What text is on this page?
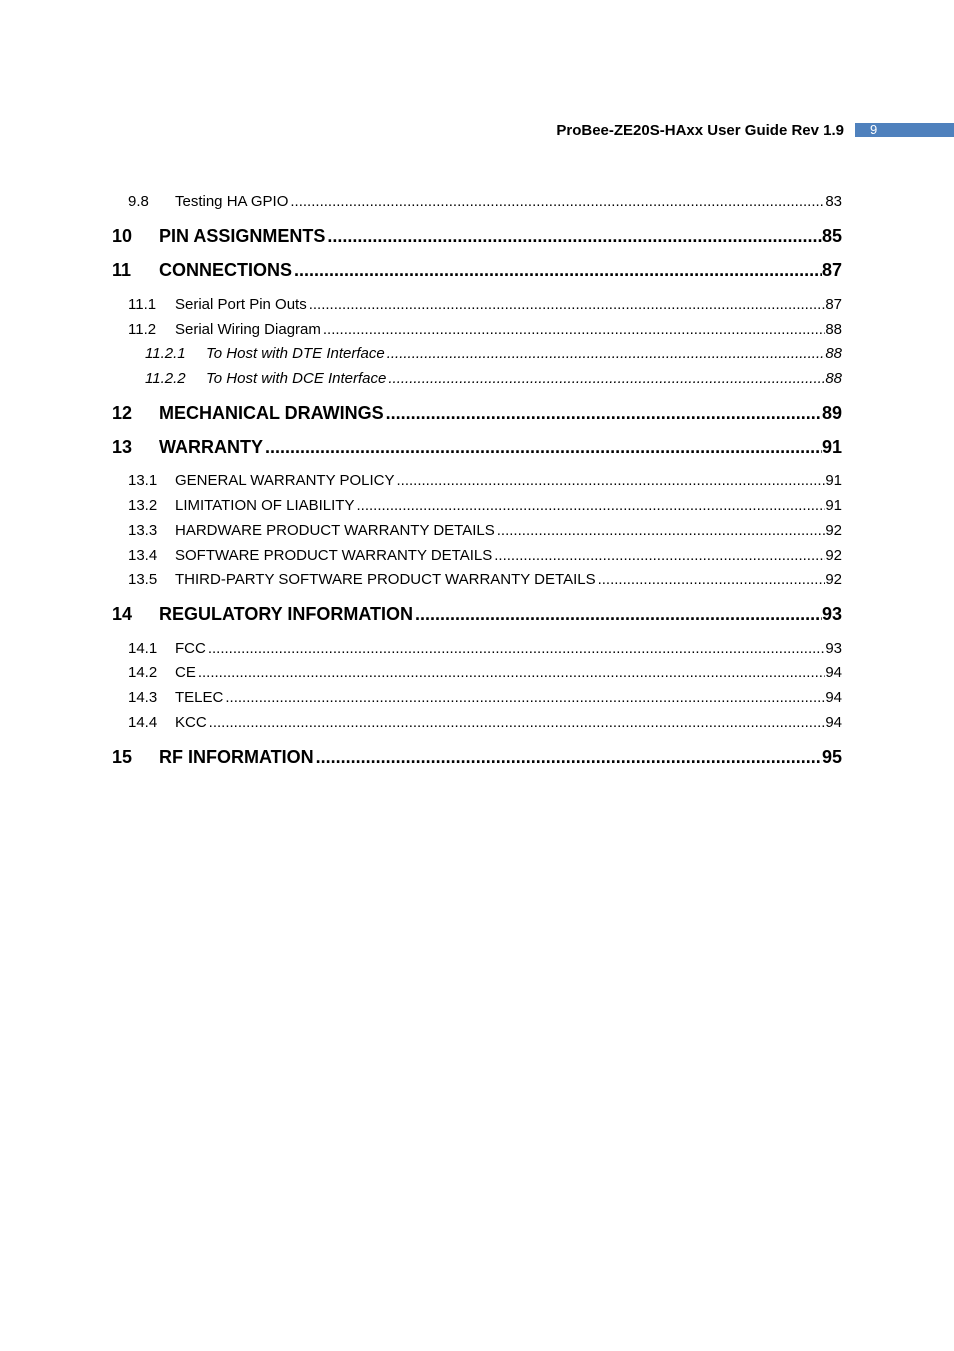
ProBee-ZE20S-HAxx User Guide Rev 1.9	9
9.8	Testing HA GPIO .....	83
10	PIN ASSIGNMENTS .....	85
11	CONNECTIONS .....	87
11.1	Serial Port Pin Outs .....	87
11.2	Serial Wiring Diagram .....	88
11.2.1	To Host with DTE Interface .....	88
11.2.2	To Host with DCE Interface .....	88
12	MECHANICAL DRAWINGS .....	89
13	WARRANTY .....	91
13.1	GENERAL WARRANTY POLICY .....	91
13.2	LIMITATION OF LIABILITY .....	91
13.3	HARDWARE PRODUCT WARRANTY DETAILS .....	92
13.4	SOFTWARE PRODUCT WARRANTY DETAILS .....	92
13.5	THIRD-PARTY SOFTWARE PRODUCT WARRANTY DETAILS .....	92
14	REGULATORY INFORMATION .....	93
14.1	FCC .....	93
14.2	CE .....	94
14.3	TELEC .....	94
14.4	KCC .....	94
15	RF INFORMATION .....	95
